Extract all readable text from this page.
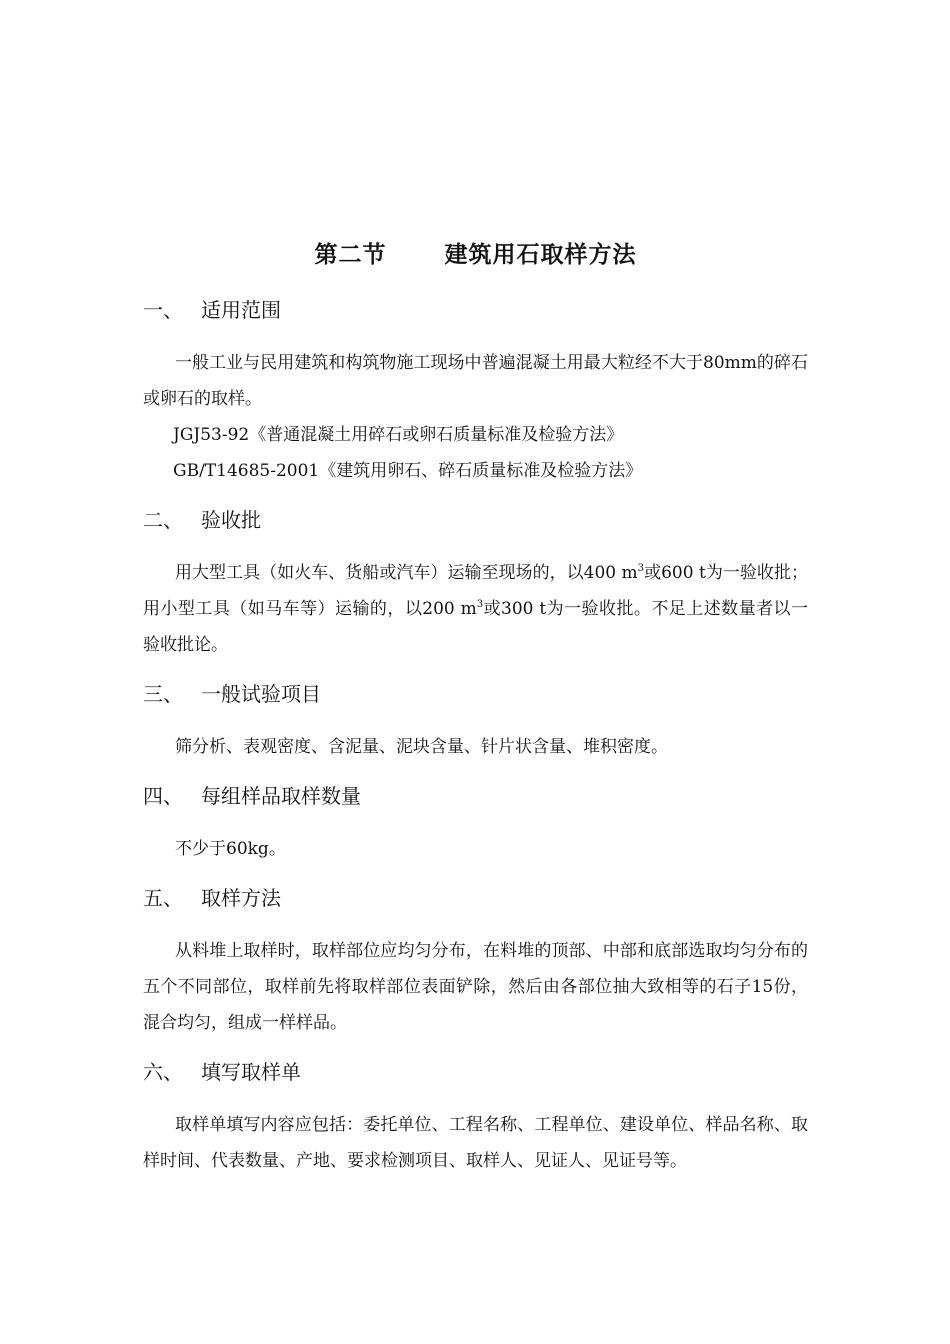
第二节	建筑用石取样方法
一、 适用范围

一般工业与民用建筑和构筑物施工现场中普遍混凝土用最大粒经不大于80mm的碎石或卵石的取样。

JGJ53-92《普通混凝土用碎石或卵石质量标准及检验方法》

GB/T14685-2001《建筑用卵石、碎石质量标准及检验方法》

二、 验收批

用大型工具（如火车、货船或汽车）运输至现场的，以400 $m^3$或600 t为一验收批；用小型工具（如马车等）运输的，以200 $m^3$或300 t为一验收批。不足上述数量者以一验收批论。

三、 一般试验项目

筛分析、表观密度、含泥量、泥块含量、针片状含量、堆积密度。

四、 每组样品取样数量

不少于60kg。

五、 取样方法

从料堆上取样时，取样部位应均匀分布，在料堆的顶部、中部和底部选取均匀分布的五个不同部位，取样前先将取样部位表面铲除，然后由各部位抽大致相等的石子15份，混合均匀，组成一样样品。

六、 填写取样单

取样单填写内容应包括：委托单位、工程名称、工程单位、建设单位、样品名称、取样时间、代表数量、产地、要求检测项目、取样人、见证人、见证号等。
